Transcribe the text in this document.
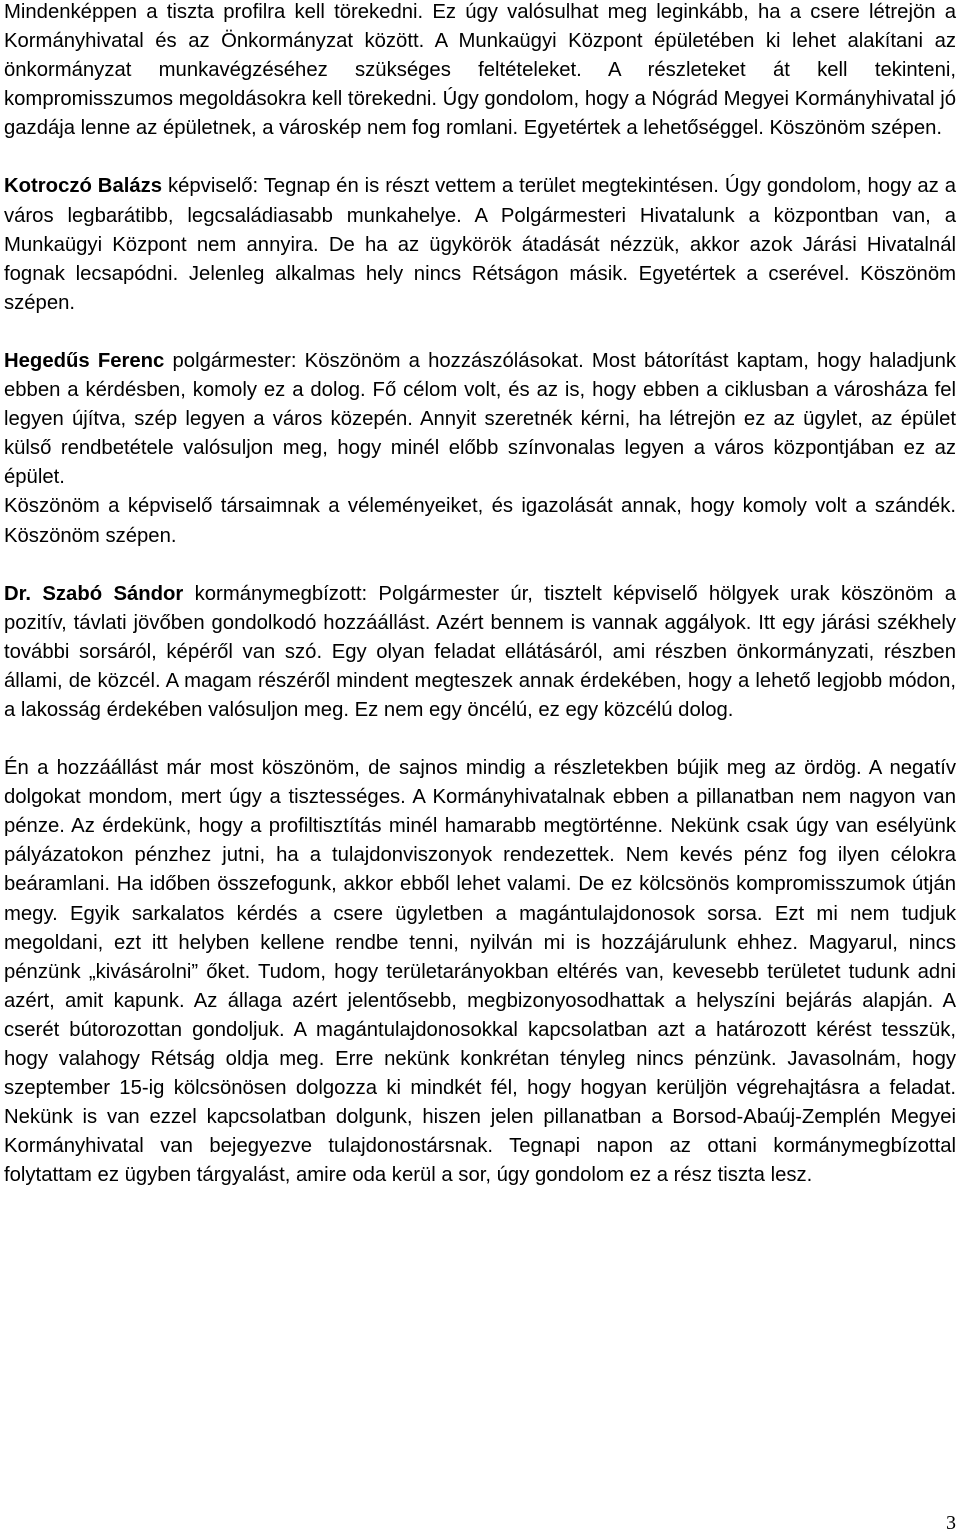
Mindenképpen a tiszta profilra kell törekedni. Ez úgy valósulhat meg leginkább, ha a csere létrejön a Kormányhivatal és az Önkormányzat között. A Munkaügyi Központ épületében ki lehet alakítani az önkormányzat munkavégzéséhez szükséges feltételeket. A részleteket át kell tekinteni, kompromisszumos megoldásokra kell törekedni. Úgy gondolom, hogy a Nógrád Megyei Kormányhivatal jó gazdája lenne az épületnek, a városkép nem fog romlani. Egyetértek a lehetőséggel. Köszönöm szépen.

Kotroczó Balázs képviselő: Tegnap én is részt vettem a terület megtekintésen. Úgy gondolom, hogy az a város legbarátibb, legcsaládiasabb munkahelye. A Polgármesteri Hivatalunk a központban van, a Munkaügyi Központ nem annyira. De ha az ügykörök átadását nézzük, akkor azok Járási Hivatalnál fognak lecsapódni. Jelenleg alkalmas hely nincs Rétságon másik. Egyetértek a cserével. Köszönöm szépen.

Hegedűs Ferenc polgármester: Köszönöm a hozzászólásokat. Most bátorítást kaptam, hogy haladjunk ebben a kérdésben, komoly ez a dolog. Fő célom volt, és az is, hogy ebben a ciklusban a városháza fel legyen újítva, szép legyen a város közepén. Annyit szeretnék kérni, ha létrejön ez az ügylet, az épület külső rendbetétele valósuljon meg, hogy minél előbb színvonalas legyen a város központjában ez az épület.

Köszönöm a képviselő társaimnak a véleményeiket, és igazolását annak, hogy komoly volt a szándék. Köszönöm szépen.

Dr. Szabó Sándor kormánymegbízott: Polgármester úr, tisztelt képviselő hölgyek urak köszönöm a pozitív, távlati jövőben gondolkodó hozzáállást. Azért bennem is vannak aggályok. Itt egy járási székhely további sorsáról, képéről van szó. Egy olyan feladat ellátásáról, ami részben önkormányzati, részben állami, de közcél. A magam részéről mindent megteszek annak érdekében, hogy a lehető legjobb módon, a lakosság érdekében valósuljon meg. Ez nem egy öncélú, ez egy közcélú dolog.

Én a hozzáállást már most köszönöm, de sajnos mindig a részletekben bújik meg az ördög. A negatív dolgokat mondom, mert úgy a tisztességes. A Kormányhivatalnak ebben a pillanatban nem nagyon van pénze. Az érdekünk, hogy a profiltisztítás minél hamarabb megtörténne. Nekünk csak úgy van esélyünk pályázatokon pénzhez jutni, ha a tulajdonviszonyok rendezettek. Nem kevés pénz fog ilyen célokra beáramlani. Ha időben összefogunk, akkor ebből lehet valami. De ez kölcsönös kompromisszumok útján megy. Egyik sarkalatos kérdés a csere ügyletben a magántulajdonosok sorsa. Ezt mi nem tudjuk megoldani, ezt itt helyben kellene rendbe tenni, nyilván mi is hozzájárulunk ehhez. Magyarul, nincs pénzünk „kivásárolni” őket. Tudom, hogy területarányokban eltérés van, kevesebb területet tudunk adni azért, amit kapunk. Az állaga azért jelentősebb, megbizonyosodhattak a helyszíni bejárás alapján. A cserét bútorozottan gondoljuk. A magántulajdonosokkal kapcsolatban azt a határozott kérést tesszük, hogy valahogy Rétság oldja meg. Erre nekünk konkrétan tényleg nincs pénzünk. Javasolnám, hogy szeptember 15-ig kölcsönösen dolgozza ki mindkét fél, hogy hogyan kerüljön végrehajtásra a feladat. Nekünk is van ezzel kapcsolatban dolgunk, hiszen jelen pillanatban a Borsod-Abaúj-Zemplén Megyei Kormányhivatal van bejegyezve tulajdonostársnak. Tegnapi napon az ottani kormánymegbízottal folytattam ez ügyben tárgyalást, amire oda kerül a sor, úgy gondolom ez a rész tiszta lesz.

3
